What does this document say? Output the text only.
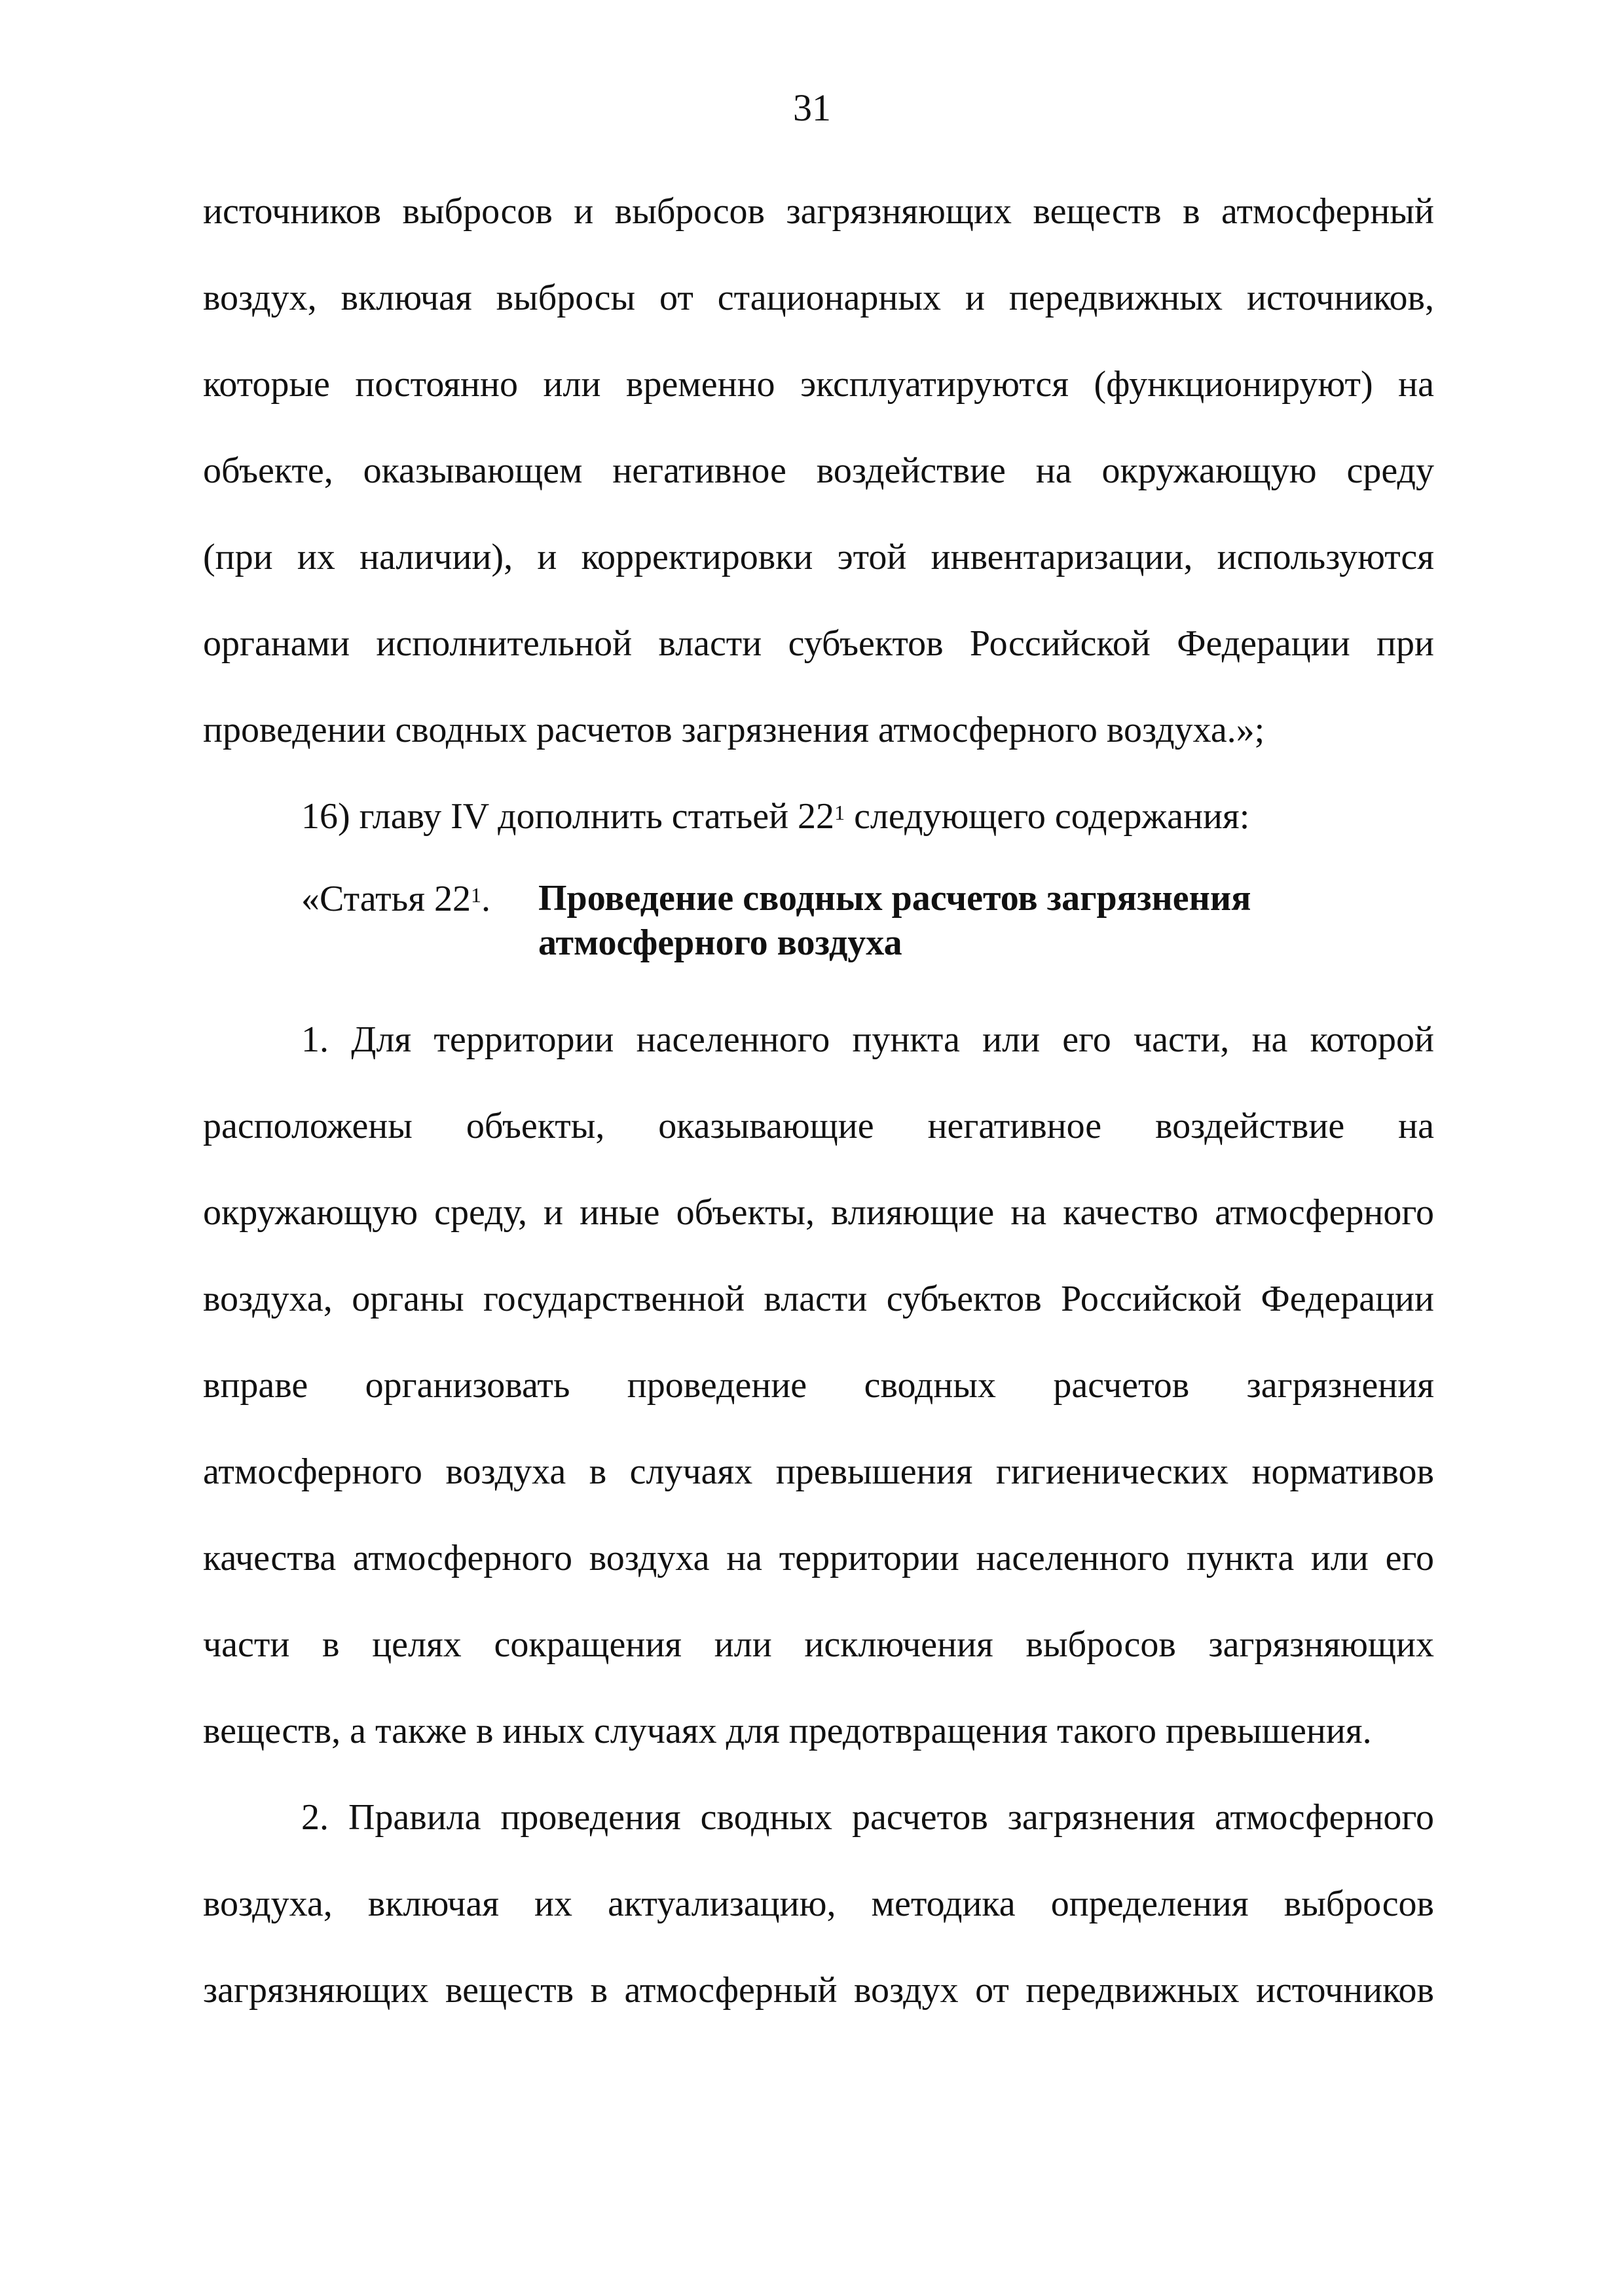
31
источников выбросов и выбросов загрязняющих веществ в атмосферный
воздух, включая выбросы от стационарных и передвижных источников,
которые постоянно или временно эксплуатируются (функционируют) на
объекте, оказывающем негативное воздействие на окружающую среду
(при их наличии), и корректировки этой инвентаризации, используются
органами исполнительной власти субъектов Российской Федерации при
проведении сводных расчетов загрязнения атмосферного воздуха.»;
16) главу IV дополнить статьей $22^1$ следующего содержания:
«Статья $22^1$. Проведение сводных расчетов загрязнения
атмосферного воздуха
1. Для территории населенного пункта или его части, на которой
расположены объекты, оказывающие негативное воздействие на
окружающую среду, и иные объекты, влияющие на качество атмосферного
воздуха, органы государственной власти субъектов Российской Федерации
вправе организовать проведение сводных расчетов загрязнения
атмосферного воздуха в случаях превышения гигиенических нормативов
качества атмосферного воздуха на территории населенного пункта или его
части в целях сокращения или исключения выбросов загрязняющих
веществ, а также в иных случаях для предотвращения такого превышения.
2. Правила проведения сводных расчетов загрязнения атмосферного
воздуха, включая их актуализацию, методика определения выбросов
загрязняющих веществ в атмосферный воздух от передвижных источников
